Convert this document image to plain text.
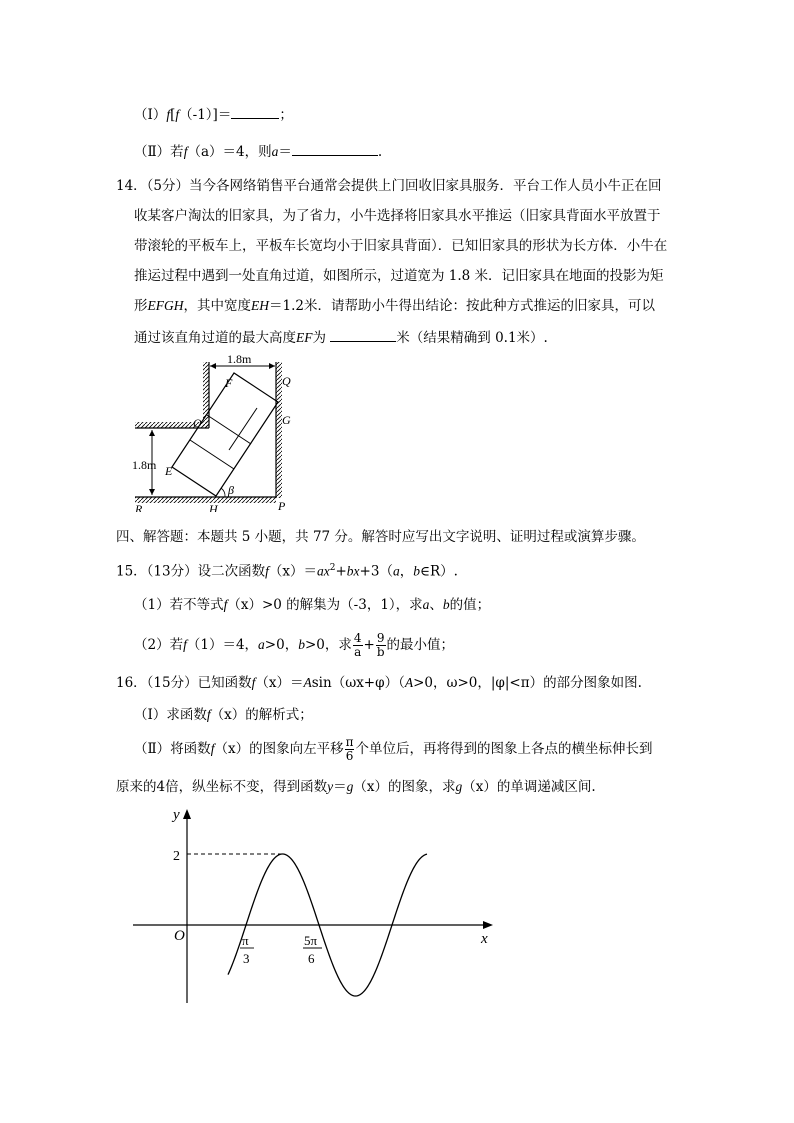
（Ⅰ）f[f（-1）]＝	；
（Ⅱ）若f（a）＝4，则a＝	.
14．（5分）当今各网络销售平台通常会提供上门回收旧家具服务．平台工作人员小牛正在回
收某客户淘汰的旧家具，为了省力，小牛选择将旧家具水平推运（旧家具背面水平放置于
带滚轮的平板车上，平板车长宽均小于旧家具背面）．已知旧家具的形状为长方体．小牛在
推运过程中遇到一处直角过道，如图所示，过道宽为 1.8 米．记旧家具在地面的投影为矩
形EFGH，其中宽度EH＝1.2米．请帮助小牛得出结论：按此种方式推运的旧家具，可以
通过该直角过道的最大高度EF为	米（结果精确到 0.1米）.
1.8m
1.8m
F	Q
O	G
E
R	H	P
β
四、解答题：本题共 5 小题，共 77 分。解答时应写出文字说明、证明过程或演算步骤。
15．（13分）设二次函数$f(x)=ax^2+bx+3(a$，b∈R）.
（1）若不等式f（x）>0 的解集为（-3，1），求a、b的值；
（2）若f（1）＝4，a>0，b>0，求 $\frac{4}{a} + \frac{9}{b}$ 的最小值；
16．（15分）已知函数f（x）＝Asin（ωx+φ）（A>0，ω>0，|φ|<π）的部分图象如图.
（Ⅰ）求函数f（x）的解析式；
（Ⅱ）将函数f（x）的图象向左平移 $\frac{\pi}{6}$ 个单位后，再将得到的图象上各点的横坐标伸长到
原来的4倍，纵坐标不变，得到函数y＝g（x）的图象，求g（x）的单调递减区间.
y
x
O
2
π
3
5π
6
